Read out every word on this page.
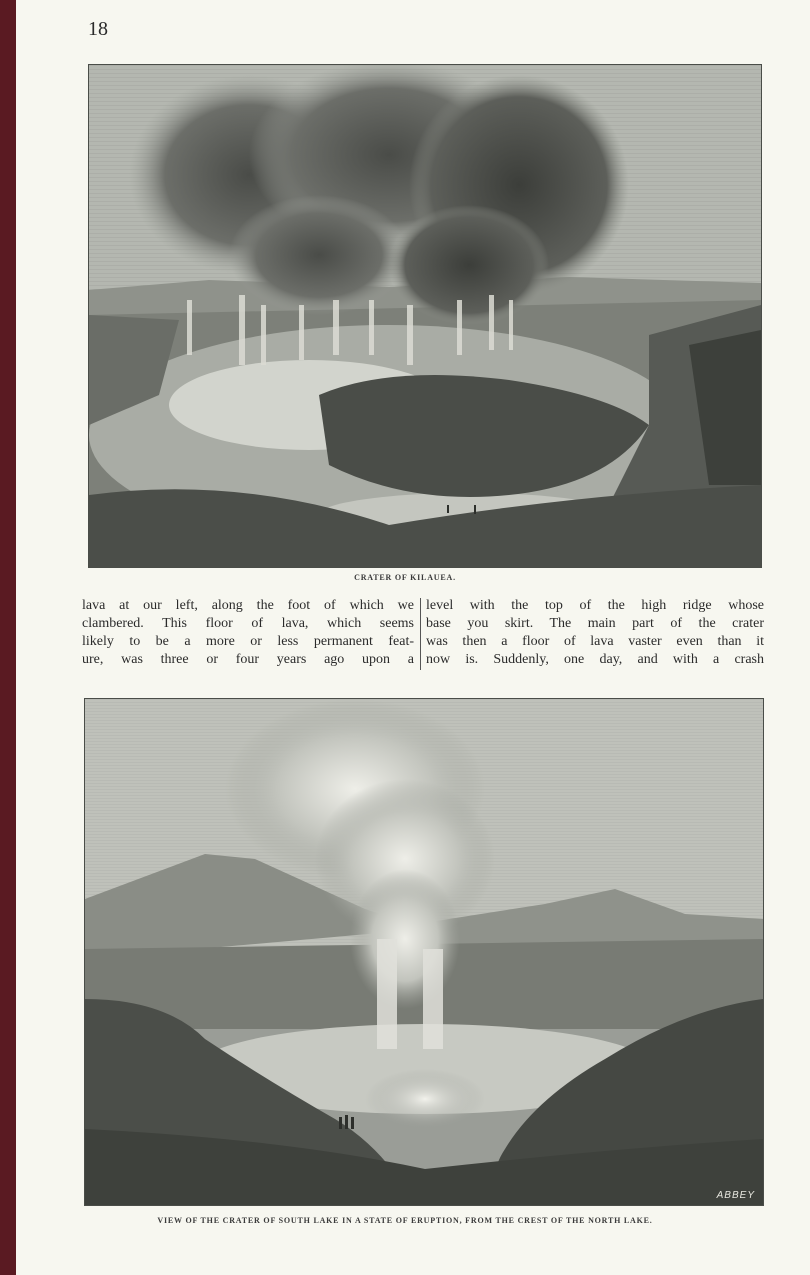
18
CRATER OF KILAUEA.
lava at our left, along the foot of which we
clambered. This floor of lava, which seems
likely to be a more or less permanent feat-
ure, was three or four years ago upon a
level with the top of the high ridge whose
base you skirt. The main part of the crater
was then a floor of lava vaster even than it
now is. Suddenly, one day, and with a crash
ABBEY
VIEW OF THE CRATER OF SOUTH LAKE IN A STATE OF ERUPTION, FROM THE CREST OF THE NORTH LAKE.
